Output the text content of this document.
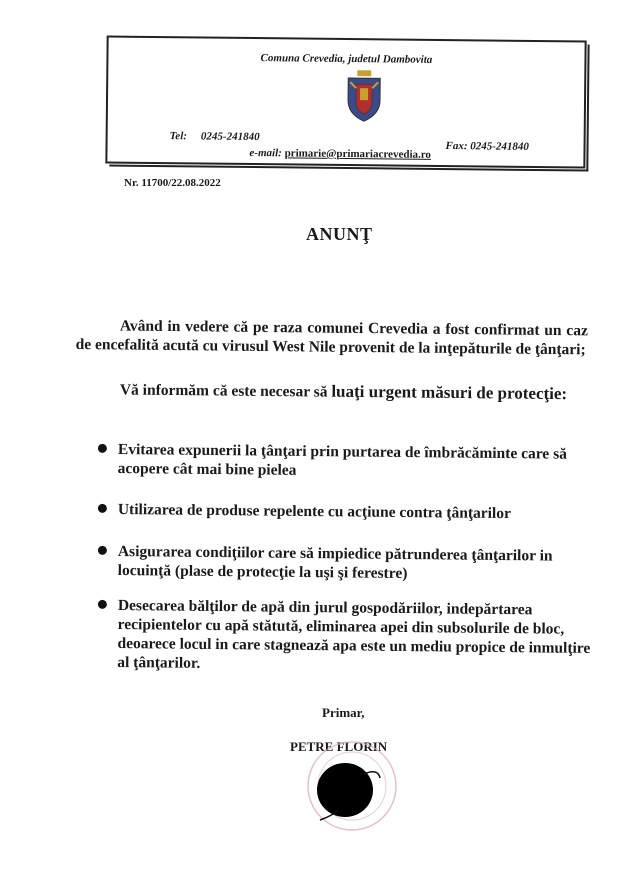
Comuna Crevedia, judetul Dambovita
Tel: 0245-241840
Fax: 0245-241840
e-mail: primarie@primariacrevedia.ro
Nr. 11700/22.08.2022
ANUNŢ
Având in vedere că pe raza comunei Crevedia a fost confirmat un caz de encefalită acută cu virusul West Nile provenit de la inţepăturile de ţânţari;
Vă informăm că este necesar să luaţi urgent măsuri de protecţie:
Evitarea expunerii la ţânţari prin purtarea de îmbrăcăminte care să acopere cât mai bine pielea
Utilizarea de produse repelente cu acţiune contra ţânţarilor
Asigurarea condiţiilor care să impiedice pătrunderea ţânţarilor in locuinţă (plase de protecţie la uşi şi ferestre)
Desecarea bălţilor de apă din jurul gospodăriilor, indepărtarea recipientelor cu apă stătută, eliminarea apei din subsolurile de bloc, deoarece locul in care stagnează apa este un mediu propice de inmulţire al ţânţarilor.
Primar,
PETRE FLORIN
